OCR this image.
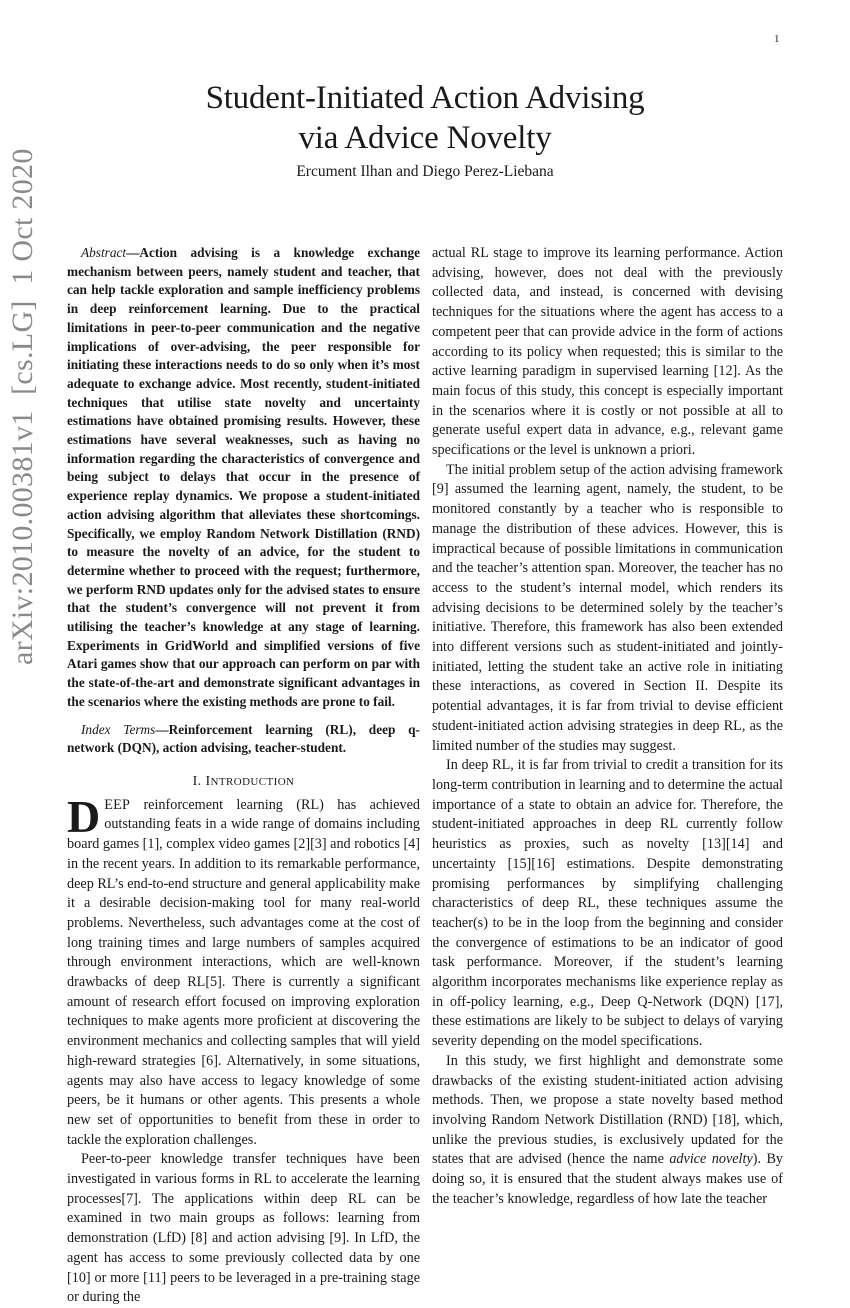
1
Student-Initiated Action Advising
via Advice Novelty
Ercument Ilhan and Diego Perez-Liebana
arXiv:2010.00381v1  [cs.LG]  1 Oct 2020	Abstract—Action advising is a knowledge exchange mechanism between peers, namely student and teacher, that can help tackle exploration and sample inefficiency problems in deep reinforcement learning. Due to the practical limitations in peer-to-peer communication and the negative implications of over-advising, the peer responsible for initiating these interactions needs to do so only when it’s most adequate to exchange advice. Most recently, student-initiated techniques that utilise state novelty and uncertainty estimations have obtained promising results. However, these estimations have several weaknesses, such as having no information regarding the characteristics of convergence and being subject to delays that occur in the presence of experience replay dynamics. We propose a student-initiated action advising algorithm that alleviates these shortcomings. Specifically, we employ Random Network Distillation (RND) to measure the novelty of an advice, for the student to determine whether to proceed with the request; furthermore, we perform RND updates only for the advised states to ensure that the student’s convergence will not prevent it from utilising the teacher’s knowledge at any stage of learning. Experiments in GridWorld and simplified versions of five Atari games show that our approach can perform on par with the state-of-the-art and demonstrate significant advantages in the scenarios where the existing methods are prone to fail.

Index Terms—Reinforcement learning (RL), deep q-network (DQN), action advising, teacher-student.

I. INTRODUCTION

DEEP reinforcement learning (RL) has achieved outstanding feats in a wide range of domains including board games [1], complex video games [2][3] and robotics [4] in the recent years. In addition to its remarkable performance, deep RL’s end-to-end structure and general applicability make it a desirable decision-making tool for many real-world problems. Nevertheless, such advantages come at the cost of long training times and large numbers of samples acquired through environment interactions, which are well-known drawbacks of deep RL[5]. There is currently a significant amount of research effort focused on improving exploration techniques to make agents more proficient at discovering the environment mechanics and collecting samples that will yield high-reward strategies [6]. Alternatively, in some situations, agents may also have access to legacy knowledge of some peers, be it humans or other agents. This presents a whole new set of opportunities to benefit from these in order to tackle the exploration challenges.

Peer-to-peer knowledge transfer techniques have been investigated in various forms in RL to accelerate the learning processes[7]. The applications within deep RL can be examined in two main groups as follows: learning from demonstration (LfD) [8] and action advising [9]. In LfD, the agent has access to some previously collected data by one [10] or more [11] peers to be leveraged in a pre-training stage or during the

actual RL stage to improve its learning performance. Action advising, however, does not deal with the previously collected data, and instead, is concerned with devising techniques for the situations where the agent has access to a competent peer that can provide advice in the form of actions according to its policy when requested; this is similar to the active learning paradigm in supervised learning [12]. As the main focus of this study, this concept is especially important in the scenarios where it is costly or not possible at all to generate useful expert data in advance, e.g., relevant game specifications or the level is unknown a priori.

The initial problem setup of the action advising framework [9] assumed the learning agent, namely, the student, to be monitored constantly by a teacher who is responsible to manage the distribution of these advices. However, this is impractical because of possible limitations in communication and the teacher’s attention span. Moreover, the teacher has no access to the student’s internal model, which renders its advising decisions to be determined solely by the teacher’s initiative. Therefore, this framework has also been extended into different versions such as student-initiated and jointly-initiated, letting the student take an active role in initiating these interactions, as covered in Section II. Despite its potential advantages, it is far from trivial to devise efficient student-initiated action advising strategies in deep RL, as the limited number of the studies may suggest.

In deep RL, it is far from trivial to credit a transition for its long-term contribution in learning and to determine the actual importance of a state to obtain an advice for. Therefore, the student-initiated approaches in deep RL currently follow heuristics as proxies, such as novelty [13][14] and uncertainty [15][16] estimations. Despite demonstrating promising performances by simplifying challenging characteristics of deep RL, these techniques assume the teacher(s) to be in the loop from the beginning and consider the convergence of estimations to be an indicator of good task performance. Moreover, if the student’s learning algorithm incorporates mechanisms like experience replay as in off-policy learning, e.g., Deep Q-Network (DQN) [17], these estimations are likely to be subject to delays of varying severity depending on the model specifications.

In this study, we first highlight and demonstrate some drawbacks of the existing student-initiated action advising methods. Then, we propose a state novelty based method involving Random Network Distillation (RND) [18], which, unlike the previous studies, is exclusively updated for the states that are advised (hence the name advice novelty). By doing so, it is ensured that the student always makes use of the teacher’s knowledge, regardless of how late the teacher
